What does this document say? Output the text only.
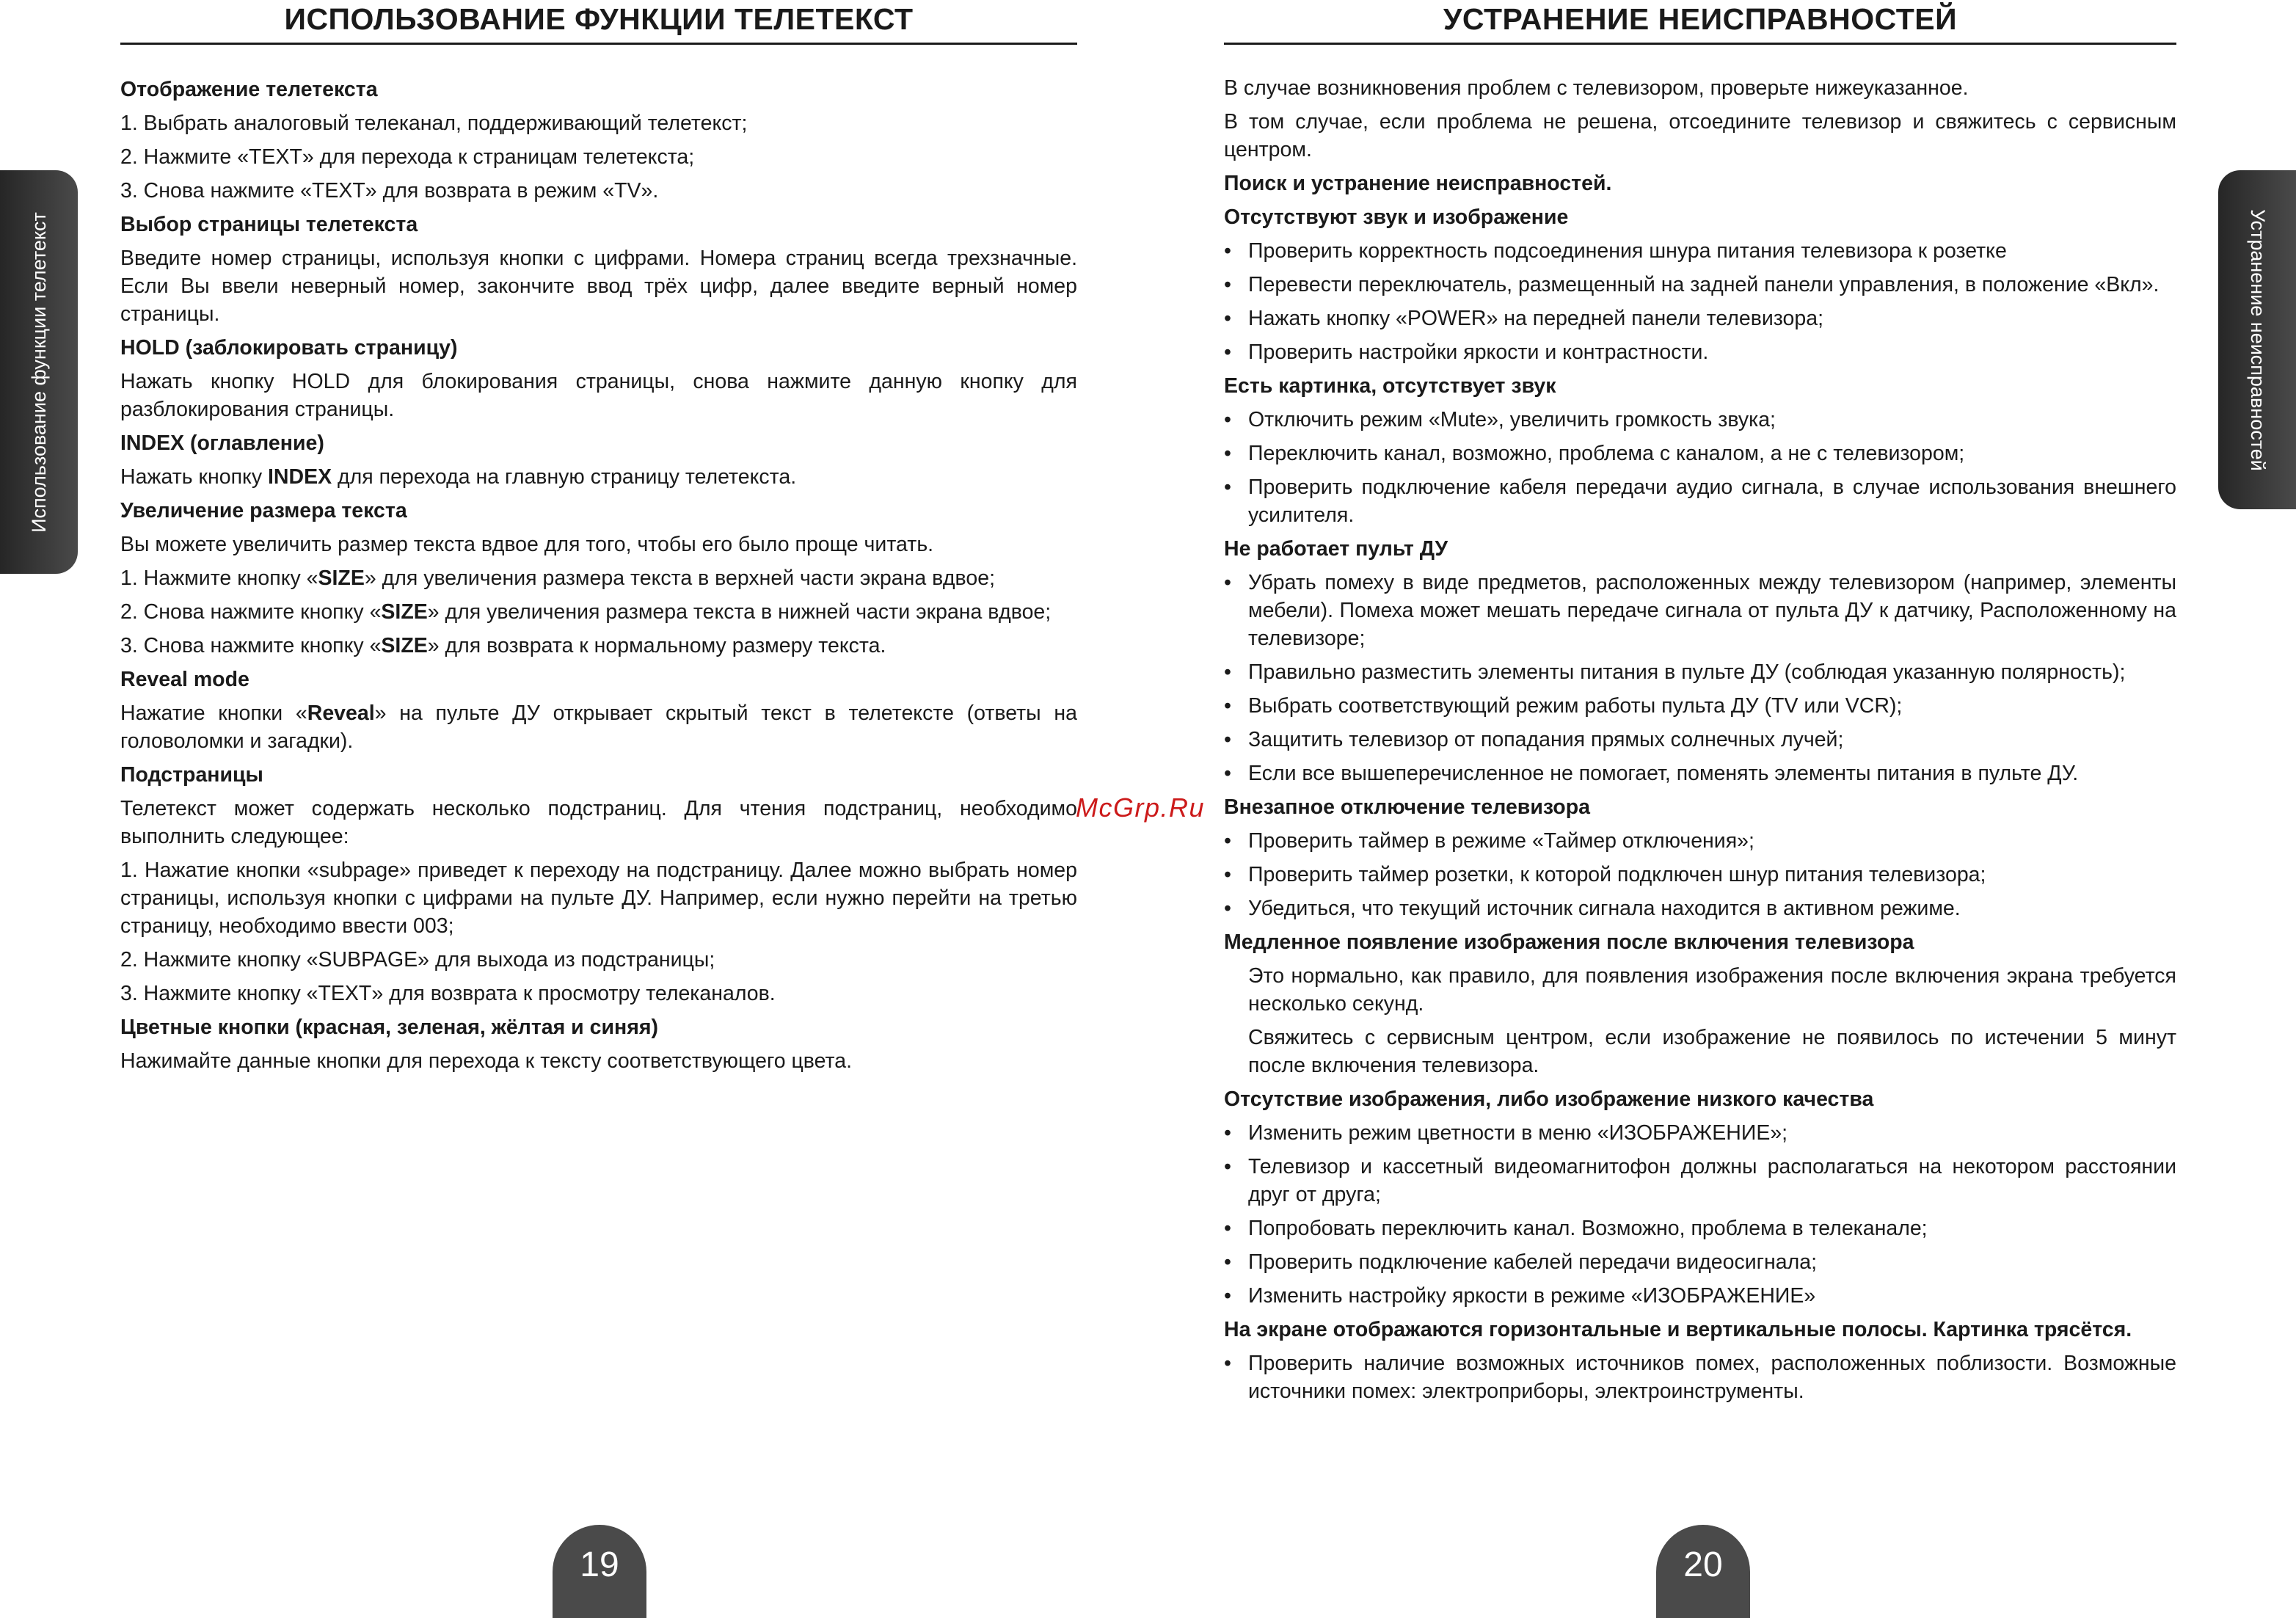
Использование функции телетекст	Устранение неисправностей
ИСПОЛЬЗОВАНИЕ ФУНКЦИИ ТЕЛЕТЕКСТ
Отображение телетекста

1. Выбрать аналоговый телеканал, поддерживающий телетекст;

2. Нажмите «TEXT» для перехода к страницам телетекста;

3. Снова нажмите «TEXT» для возврата в режим «TV».

Выбор страницы телетекста

Введите номер страницы, используя кнопки с цифрами. Номера страниц всегда трехзначные. Если Вы ввели неверный номер, закончите ввод трёх цифр, далее введите верный номер страницы.

HOLD (заблокировать страницу)

Нажать кнопку HOLD для блокирования страницы, снова нажмите данную кнопку для разблокирования страницы.

INDEX (оглавление)

Нажать кнопку INDEX для перехода на главную страницу телетекста.

Увеличение размера текста

Вы можете увеличить размер текста вдвое для того, чтобы его было проще читать.

1. Нажмите кнопку «SIZE» для увеличения размера текста в верхней части экрана вдвое;

2. Снова нажмите кнопку «SIZE» для увеличения размера текста в нижней части экрана вдвое;

3. Снова нажмите кнопку «SIZE» для возврата к нормальному размеру текста.

Reveal mode

Нажатие кнопки «Reveal» на пульте ДУ открывает скрытый текст в телетексте (ответы на головоломки и загадки).

Подстраницы

Телетекст может содержать несколько подстраниц. Для чтения подстраниц, необходимо выполнить следующее:

1. Нажатие кнопки «subpage» приведет к переходу на подстраницу. Далее можно выбрать номер страницы, используя кнопки с цифрами на пульте ДУ. Например, если нужно перейти на третью страницу, необходимо ввести 003;

2. Нажмите кнопку «SUBPAGE» для выхода из подстраницы;

3. Нажмите кнопку «TEXT» для возврата к просмотру телеканалов.

Цветные кнопки (красная, зеленая, жёлтая и синяя)

Нажимайте данные кнопки для перехода к тексту соответствующего цвета.

УСТРАНЕНИЕ НЕИСПРАВНОСТЕЙ

В случае возникновения проблем с телевизором, проверьте нижеуказанное.

В том случае, если проблема не решена, отсоедините телевизор и свяжитесь с сервисным центром.

Поиск и устранение неисправностей.
Отсутствуют звук и изображение
• Проверить корректность подсоединения шнура питания телевизора к розетке
• Перевести переключатель, размещенный на задней панели управления, в положение «Вкл».
• Нажать кнопку «POWER» на передней панели телевизора;
• Проверить настройки яркости и контрастности.
Есть картинка, отсутствует звук
• Отключить режим «Mute», увеличить громкость звука;
• Переключить канал, возможно, проблема с каналом, а не с телевизором;
• Проверить подключение кабеля передачи аудио сигнала, в случае использования внешнего усилителя.
Не работает пульт ДУ
• Убрать помеху в виде предметов, расположенных между телевизором (например, элементы мебели). Помеха может мешать передаче сигнала от пульта ДУ к датчику, Расположенному на телевизоре;
• Правильно разместить элементы питания в пульте ДУ (соблюдая указанную полярность);
• Выбрать соответствующий режим работы пульта ДУ (TV или VCR);
• Защитить телевизор от попадания прямых солнечных лучей;
• Если все вышеперечисленное не помогает, поменять элементы питания в пульте ДУ.
Внезапное отключение телевизора
• Проверить таймер в режиме «Таймер отключения»;
• Проверить таймер розетки, к которой подключен шнур питания телевизора;
• Убедиться, что текущий источник сигнала находится в активном режиме.
Медленное появление изображения после включения телевизора
Это нормально, как правило, для появления изображения после включения экрана требуется несколько секунд.
Свяжитесь с сервисным центром, если изображение не появилось по истечении 5 минут после включения телевизора.
Отсутствие изображения, либо изображение низкого качества
• Изменить режим цветности в меню «ИЗОБРАЖЕНИЕ»;
• Телевизор и кассетный видеомагнитофон должны располагаться на некотором расстоянии друг от друга;
• Попробовать переключить канал. Возможно, проблема в телеканале;
• Проверить подключение кабелей передачи видеосигнала;
• Изменить настройку яркости в режиме «ИЗОБРАЖЕНИЕ»
На экране отображаются горизонтальные и вертикальные полосы. Картинка трясётся.
• Проверить наличие возможных источников помех, расположенных поблизости. Возможные источники помех: электроприборы, электроинструменты.
19	20
McGrp.Ru
